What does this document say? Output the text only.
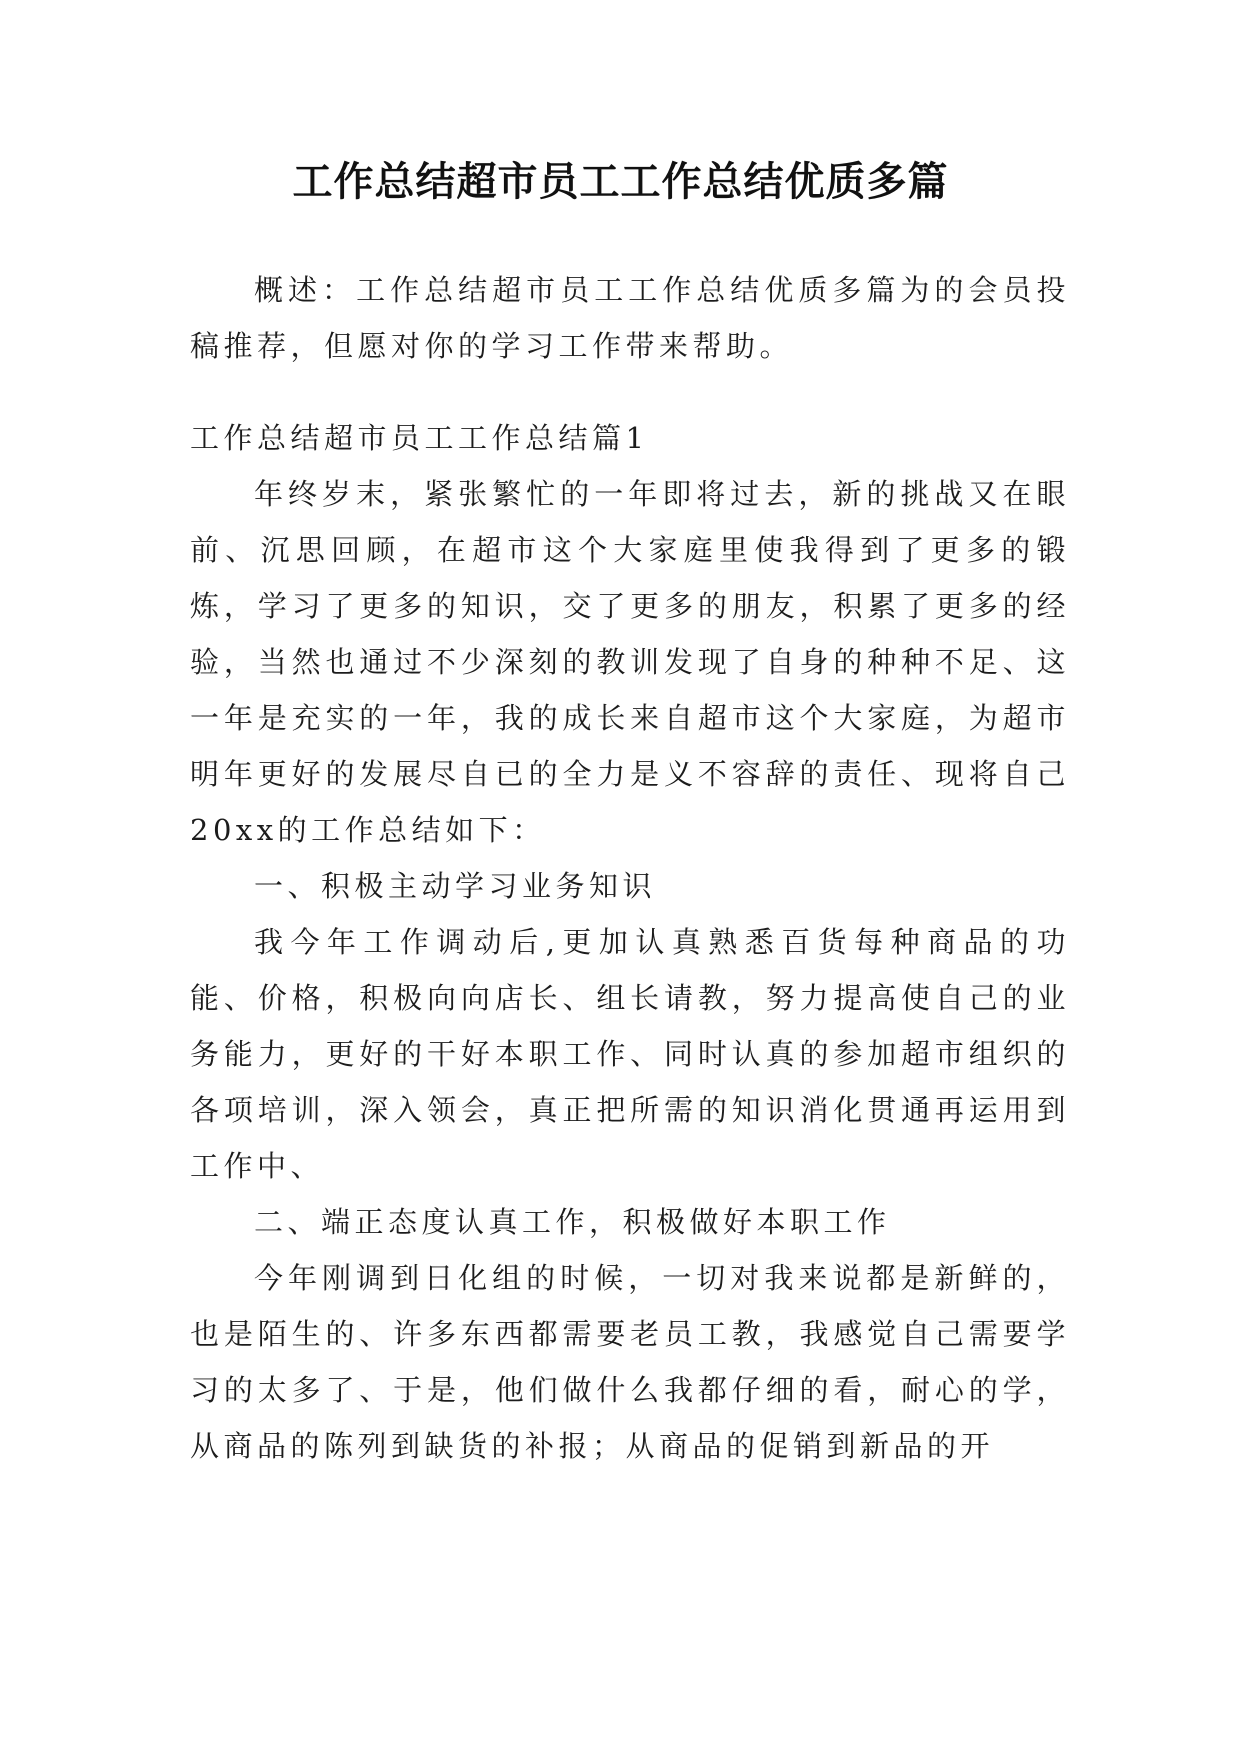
工作总结超市员工工作总结优质多篇

概述：工作总结超市员工工作总结优质多篇为的会员投稿推荐，但愿对你的学习工作带来帮助。

工作总结超市员工工作总结篇1

年终岁末，紧张繁忙的一年即将过去，新的挑战又在眼前、沉思回顾，在超市这个大家庭里使我得到了更多的锻炼，学习了更多的知识，交了更多的朋友，积累了更多的经验，当然也通过不少深刻的教训发现了自身的种种不足、这一年是充实的一年，我的成长来自超市这个大家庭，为超市明年更好的发展尽自已的全力是义不容辞的责任、现将自己20xx的工作总结如下：

一、积极主动学习业务知识

我今年工作调动后,更加认真熟悉百货每种商品的功能、价格，积极向向店长、组长请教，努力提高使自己的业务能力，更好的干好本职工作、同时认真的参加超市组织的各项培训，深入领会，真正把所需的知识消化贯通再运用到工作中、

二、端正态度认真工作，积极做好本职工作

今年刚调到日化组的时候，一切对我来说都是新鲜的，也是陌生的、许多东西都需要老员工教，我感觉自己需要学习的太多了、于是，他们做什么我都仔细的看，耐心的学，从商品的陈列到缺货的补报；从商品的促销到新品的开
